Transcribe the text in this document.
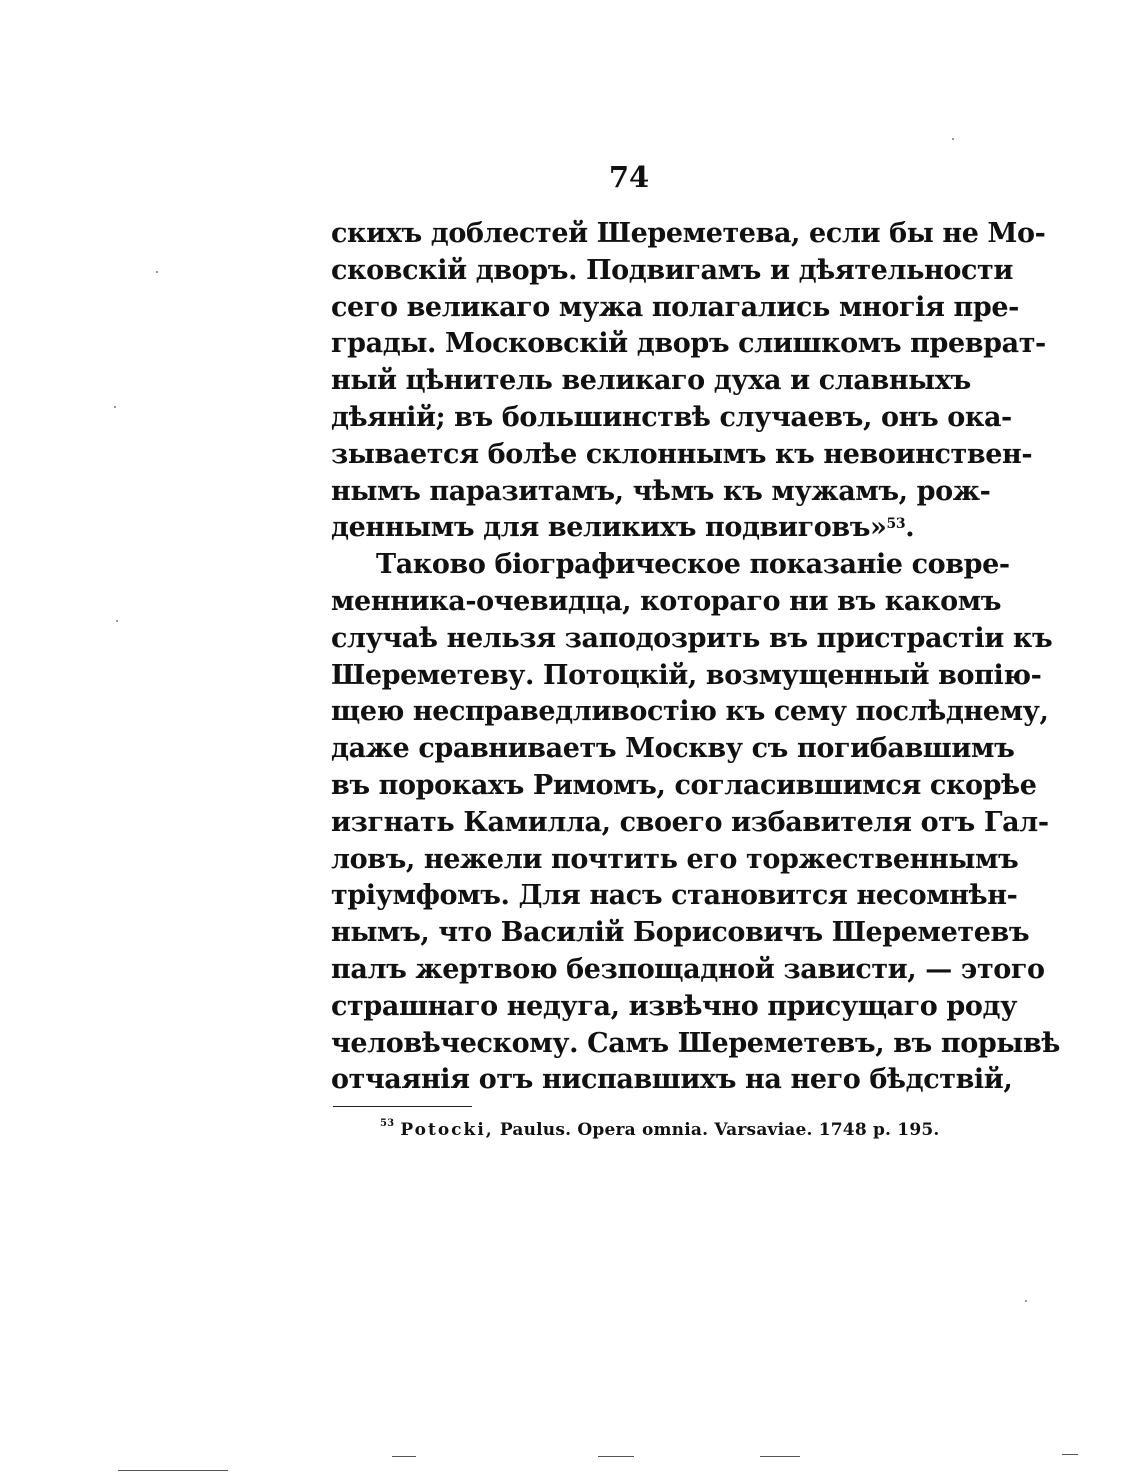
74
скихъ доблестей Шереметева, если бы не Мо-
сковскій дворъ. Подвигамъ и дѣятельности
сего великаго мужа полагались многія пре-
грады. Московскій дворъ слишкомъ преврат-
ный цѣнитель великаго духа и славныхъ
дѣяній; въ большинствѣ случаевъ, онъ ока-
зывается болѣе склоннымъ къ невоинствен-
нымъ паразитамъ, чѣмъ къ мужамъ, рож-
деннымъ для великихъ подвиговъ»$^{53}$.
Таково біографическое показаніе совре-
менника-очевидца, котораго ни въ какомъ
случаѣ нельзя заподозрить въ пристрастіи къ
Шереметеву. Потоцкій, возмущенный вопію-
щею несправедливостію къ сему послѣднему,
даже сравниваетъ Москву съ погибавшимъ
въ порокахъ Римомъ, согласившимся скорѣе
изгнать Камилла, своего избавителя отъ Гал-
ловъ, нежели почтить его торжественнымъ
тріумфомъ. Для насъ становится несомнѣн-
нымъ, что Василій Борисовичъ Шереметевъ
палъ жертвою безпощадной зависти, — этого
страшнаго недуга, извѣчно присущаго роду
человѣческому. Самъ Шереметевъ, въ порывѣ
отчаянія отъ ниспавшихъ на него бѣдствій,
$^{53}$ Potocki, Paulus. Opera omnia. Varsaviae. 1748 p. 195.
